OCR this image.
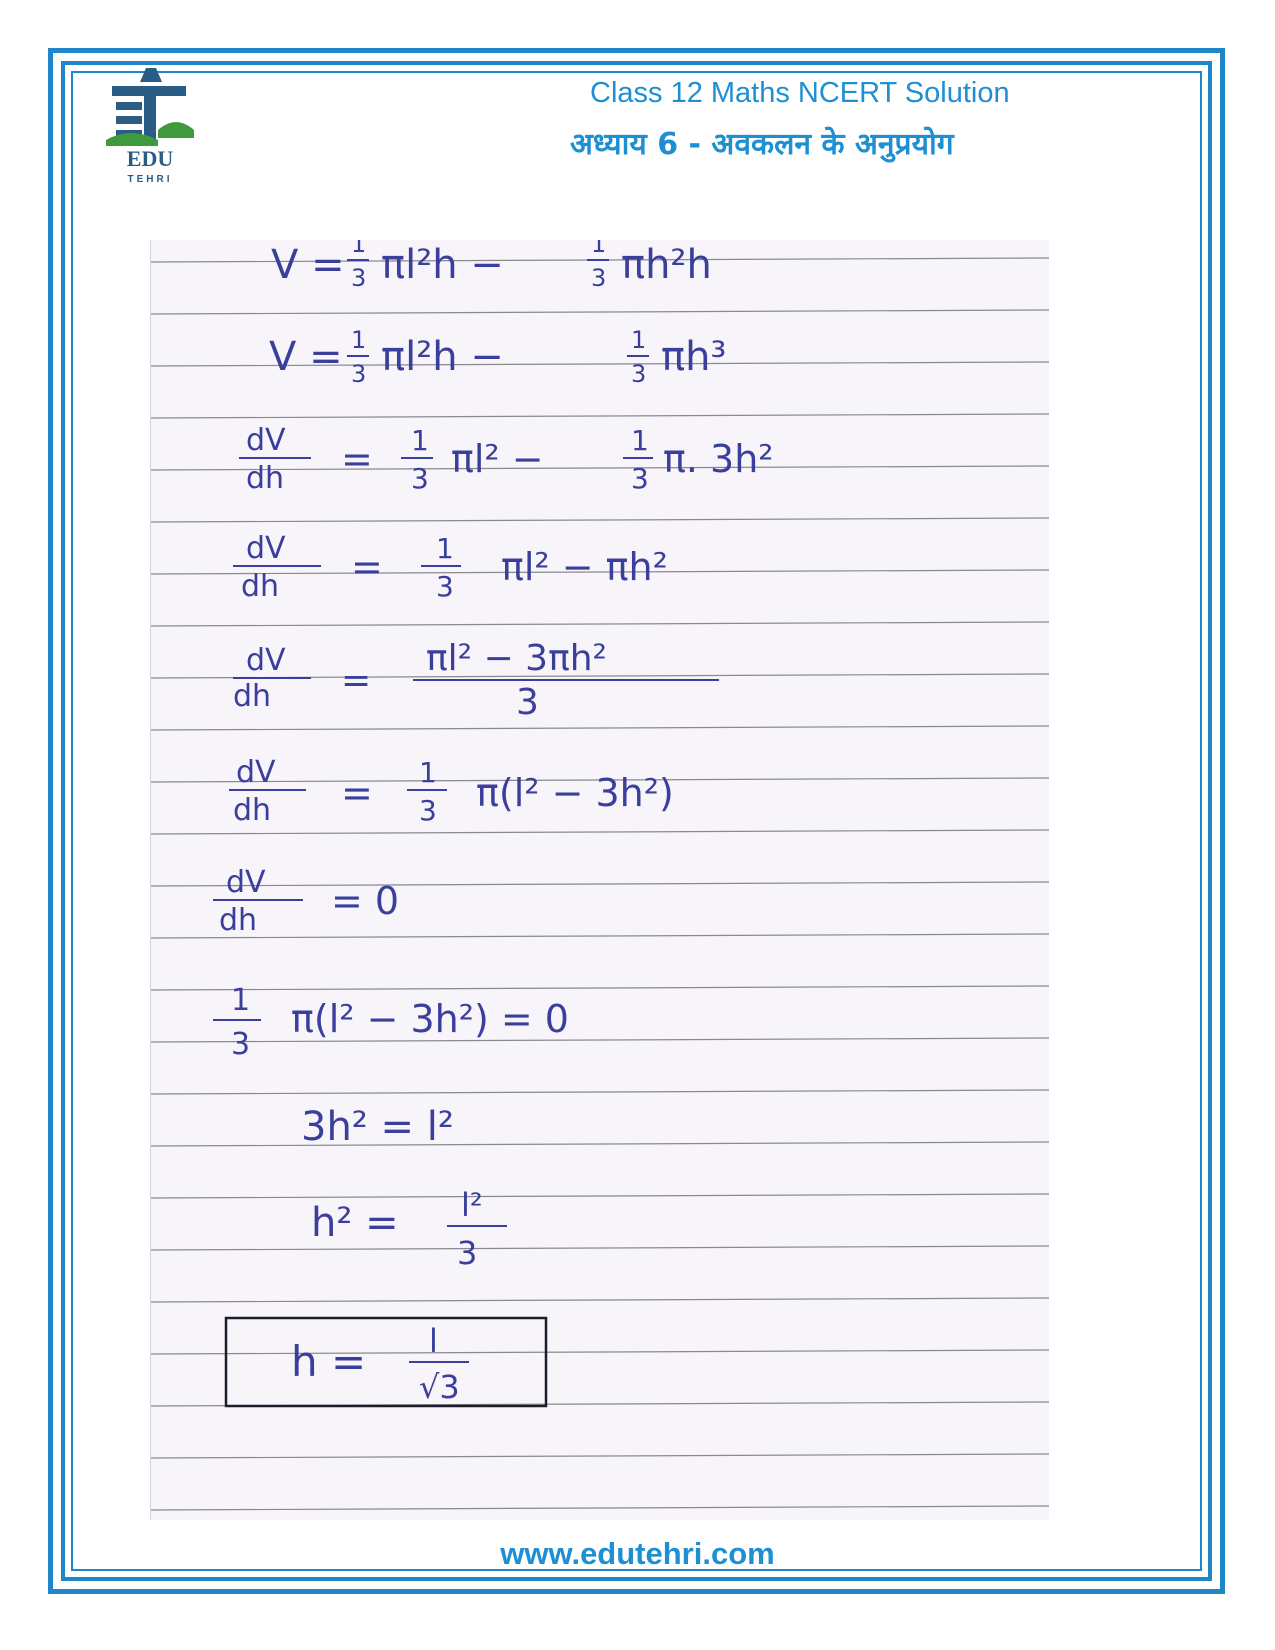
EDU
TEHRI
Class 12 Maths NCERT Solution
अध्याय 6 - अवकलन के अनुप्रयोग
V = 1
3 πl²h −	1
3 πh²h
V = 1
3 πl²h −	1
3 πh³
dV
dh = 1
3 πl² −	1
3 π. 3h²
dV
dh = 1
3 πl² − πh²
dV
dh =
πl² − 3πh²
3
dV
dh = 1
3 π(l² − 3h²)
dV
dh = 0
1
3
π(l² − 3h²) = 0
3h² = l²
h² = l²
3
h = l
√3
www.edutehri.com
